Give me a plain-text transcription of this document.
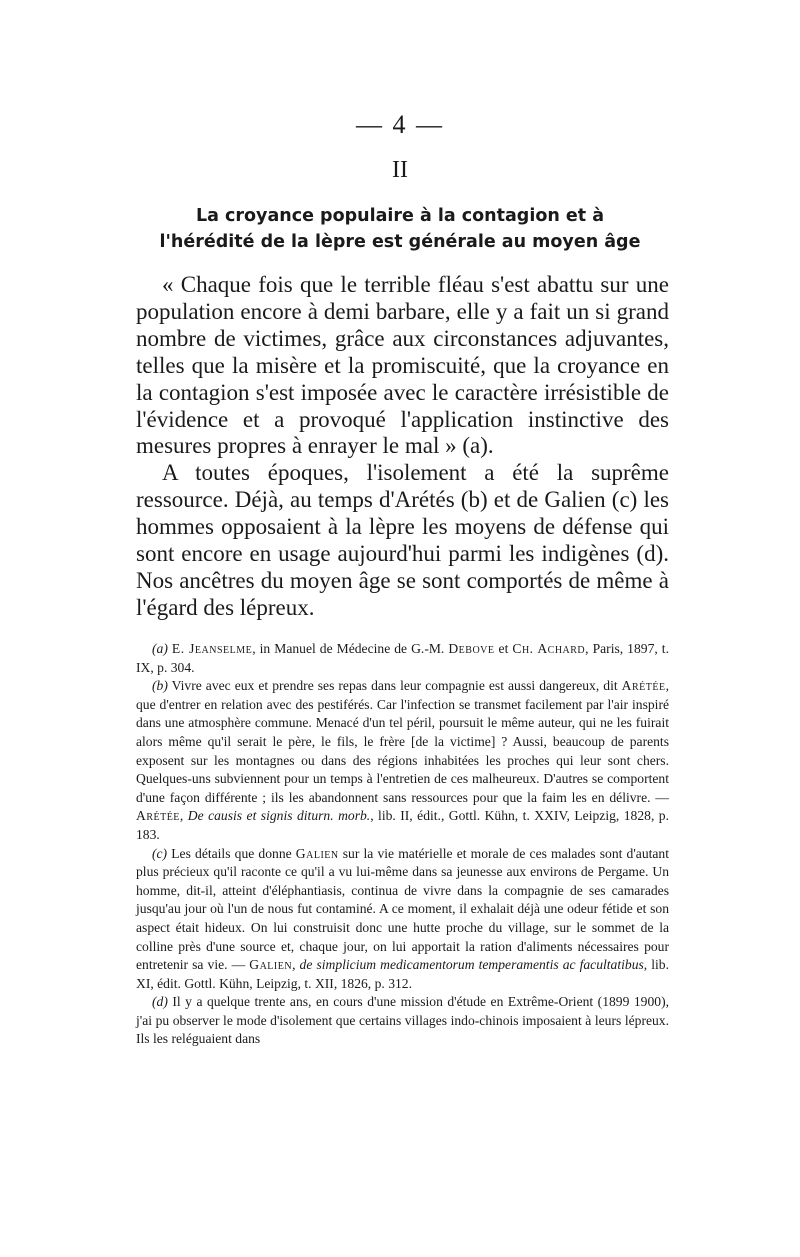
— 4 —
II
La croyance populaire à la contagion et à
l'hérédité de la lèpre est générale au moyen âge

« Chaque fois que le terrible fléau s'est abattu sur une population encore à demi barbare, elle y a fait un si grand nombre de victimes, grâce aux circonstances adjuvantes, telles que la misère et la promiscuité, que la croyance en la contagion s'est imposée avec le caractère irrésistible de l'évidence et a provoqué l'application instinctive des mesures propres à enrayer le mal » (a).

A toutes époques, l'isolement a été la suprême ressource. Déjà, au temps d'Arétés (b) et de Galien (c) les hommes opposaient à la lèpre les moyens de défense qui sont encore en usage aujourd'hui parmi les indigènes (d). Nos ancêtres du moyen âge se sont comportés de même à l'égard des lépreux.

(a) E. Jeanselme, in Manuel de Médecine de G.-M. Debove et Ch. Achard, Paris, 1897, t. IX, p. 304.

(b) Vivre avec eux et prendre ses repas dans leur compagnie est aussi dangereux, dit Arétée, que d'entrer en relation avec des pestiférés. Car l'infection se transmet facilement par l'air inspiré dans une atmosphère commune. Menacé d'un tel péril, poursuit le même auteur, qui ne les fuirait alors même qu'il serait le père, le fils, le frère [de la victime] ? Aussi, beaucoup de parents exposent sur les montagnes ou dans des régions inhabitées les proches qui leur sont chers. Quelques-uns subviennent pour un temps à l'entretien de ces malheureux. D'autres se comportent d'une façon différente ; ils les abandonnent sans ressources pour que la faim les en délivre. — Arétée, De causis et signis diturn. morb., lib. II, édit., Gottl. Kühn, t. XXIV, Leipzig, 1828, p. 183.

(c) Les détails que donne Galien sur la vie matérielle et morale de ces malades sont d'autant plus précieux qu'il raconte ce qu'il a vu lui-même dans sa jeunesse aux environs de Pergame. Un homme, dit-il, atteint d'éléphantiasis, continua de vivre dans la compagnie de ses camarades jusqu'au jour où l'un de nous fut contaminé. A ce moment, il exhalait déjà une odeur fétide et son aspect était hideux. On lui construisit donc une hutte proche du village, sur le sommet de la colline près d'une source et, chaque jour, on lui apportait la ration d'aliments nécessaires pour entretenir sa vie. — Galien, de simplicium medicamentorum temperamentis ac facultatibus, lib. XI, édit. Gottl. Kühn, Leipzig, t. XII, 1826, p. 312.

(d) Il y a quelque trente ans, en cours d'une mission d'étude en Extrême-Orient (1899 1900), j'ai pu observer le mode d'isolement que certains villages indo-chinois imposaient à leurs lépreux. Ils les reléguaient dans
